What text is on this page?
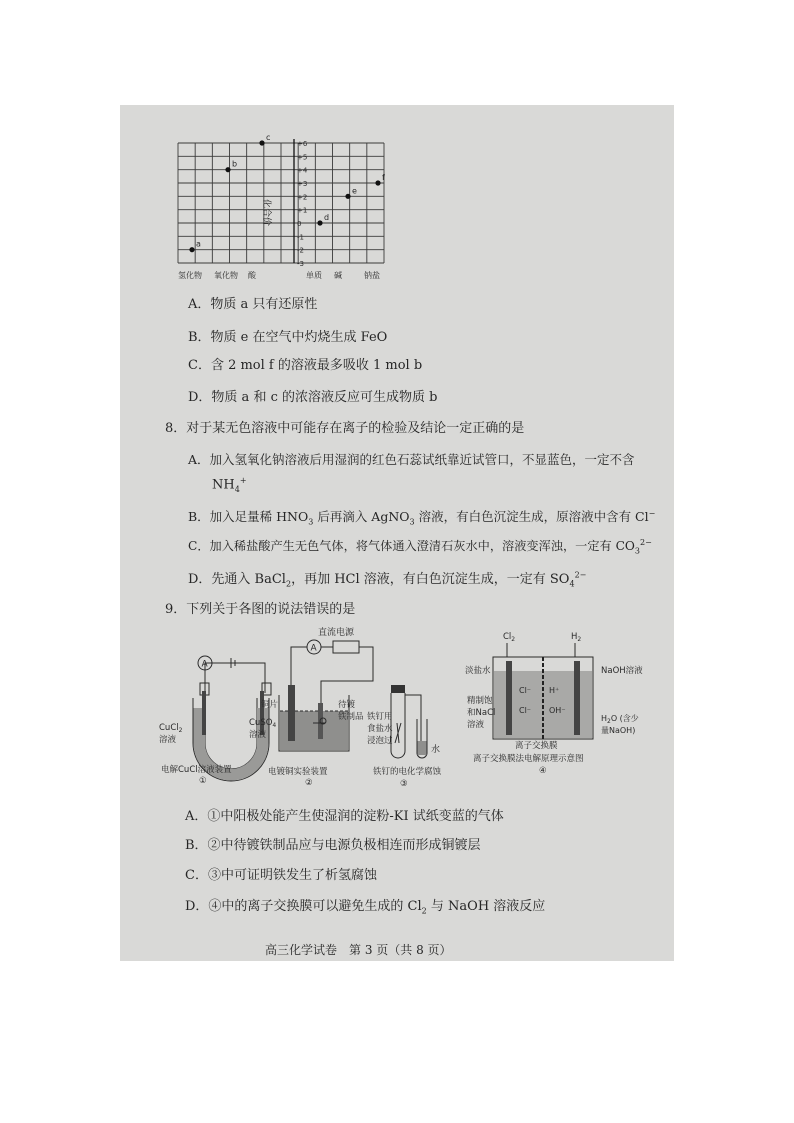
+6
+5
+4
+3
+2
+1
0
-1
-2
-3
氢化物 氧化物 酸	单质 碱	钠盐
a
b
c
d
e
f
化合价
A．物质 a 只有还原性
B．物质 e 在空气中灼烧生成 FeO
C．含 2 mol f 的溶液最多吸收 1 mol b
D．物质 a 和 c 的浓溶液反应可生成物质 b
8．对于某无色溶液中可能存在离子的检验及结论一定正确的是
A．加入氢氧化钠溶液后用湿润的红色石蕊试纸靠近试管口，不显蓝色，一定不含
$NH_4^+$
B．加入足量稀 $HNO_3$ 后再滴入 AgNO$_3$ 溶液，有白色沉淀生成，原溶液中含有 Cl−
C．加入稀盐酸产生无色气体，将气体通入澄清石灰水中，溶液变浑浊，一定有 $CO_3^{2-}$
D．先通入 BaCl$_2$，再加 HCl 溶液，有白色沉淀生成，一定有 $SO_4^{2-}$
9．下列关于各图的说法错误的是
A
CuCl$_2$
溶液
电解CuCl溶液装置
①
直流电源
A
铜片
CuSO$_4$
溶液
待镀
铁制品
电镀铜实验装置
②
铁钉用
食盐水
浸泡过
水
铁钉的电化学腐蚀
③
$Cl_2$	$H_2$
Cl⁻ H⁺
Cl⁻ OH⁻
淡盐水	NaOH溶液
精制饱
和NaCl
溶液
$H_2O$ (含少
量NaOH)
离子交换膜
离子交换膜法电解原理示意图
④
A．①中阳极处能产生使湿润的淀粉-KI 试纸变蓝的气体
B．②中待镀铁制品应与电源负极相连而形成铜镀层
C．③中可证明铁发生了析氢腐蚀
D．④中的离子交换膜可以避免生成的 $Cl_2$ 与 NaOH 溶液反应
高三化学试卷　第 3 页（共 8 页）
